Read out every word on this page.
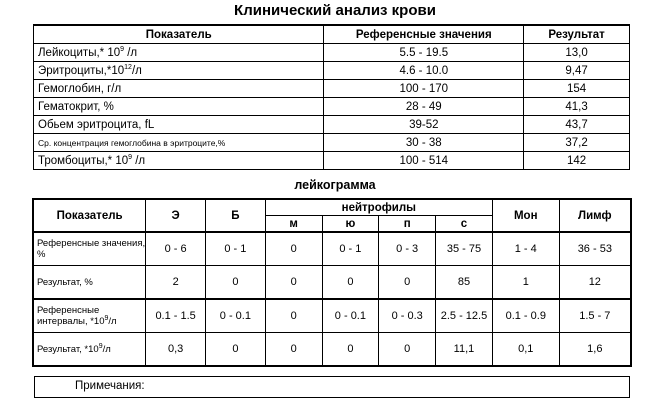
Клинический анализ крови
Показатель	Референсные значения	Результат
Лейкоциты,* $10^9$ /л	5.5 - 19.5	13,0
$Эритроциты,*10^{12}/л$	4.6 - 10.0	9,47
Гемоглобин, г/л	100 - 170	154
Гематокрит, %	28 - 49	41,3
Обьем эритроцита, fL	39-52	43,7
Ср. концентрация гемоглобина в эритроците,%	30 - 38	37,2
Тромбоциты,* $10^9$ /л	100 - 514	142
лейкограмма
Показатель	Э	Б	нейтрофилы				Мон	Лимф
			м	ю	п	с		
Референсные значения, %	0 - 6	0 - 1	0	0 - 1	0 - 3	35 - 75	1 - 4	36 - 53
Результат, %	2	0	0	0	0	85	1	12
Референсные интервалы, $*10^9/л$	0.1 - 1.5	0 - 0.1	0	0 - 0.1	0 - 0.3	2.5 - 12.5	0.1 - 0.9	1.5 - 7
Результат, $*10^9/л$	0,3	0	0	0	0	11,1	0,1	1,6
Примечания:
